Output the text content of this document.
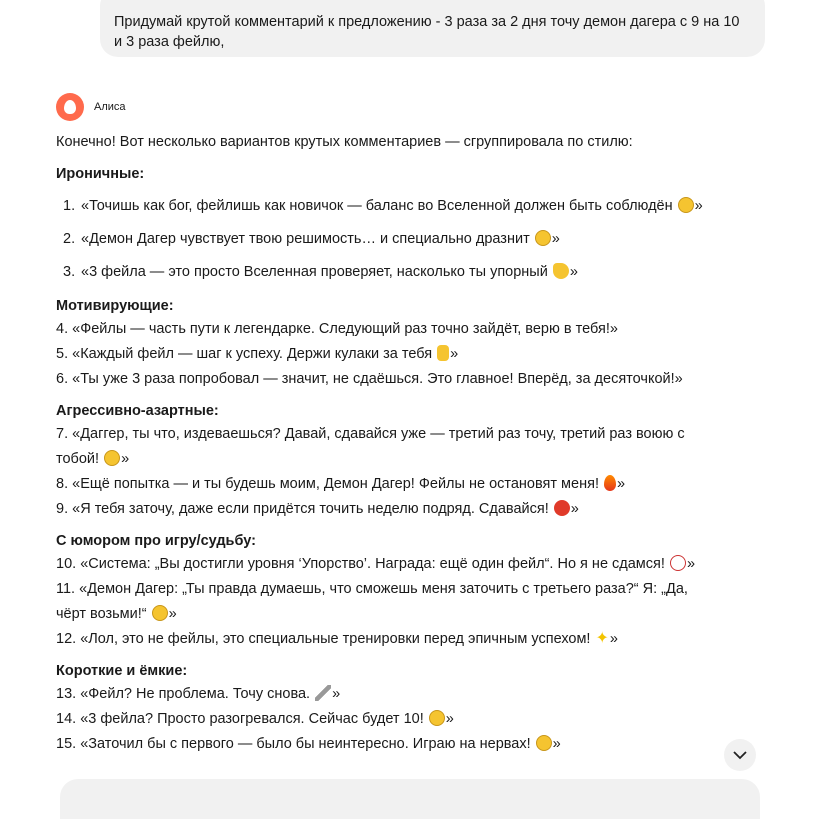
Придумай крутой комментарий к предложению - 3 раза за 2 дня точу демон дагера с 9 на 10 и 3 раза фейлю,
Алиса

Конечно! Вот несколько вариантов крутых комментариев — сгруппировала по стилю:

Ироничные:

1. «Точишь как бог, фейлишь как новичок — баланс во Вселенной должен быть соблюдён »
2. «Демон Дагер чувствует твою решимость… и специально дразнит »
3. «3 фейла — это просто Вселенная проверяет, насколько ты упорный »

Мотивирующие:

4. «Фейлы — часть пути к легендарке. Следующий раз точно зайдёт, верю в тебя!»

5. «Каждый фейл — шаг к успеху. Держи кулаки за тебя »

6. «Ты уже 3 раза попробовал — значит, не сдаёшься. Это главное! Вперёд, за десяточкой!»

Агрессивно-азартные:

7. «Даггер, ты что, издеваешься? Давай, сдавайся уже — третий раз точу, третий раз воюю с тобой! »

8. «Ещё попытка — и ты будешь моим, Демон Дагер! Фейлы не остановят меня! »

9. «Я тебя заточу, даже если придётся точить неделю подряд. Сдавайся! »

С юмором про игру/судьбу:

10. «Система: „Вы достигли уровня ‘Упорство’. Награда: ещё один фейл“. Но я не сдамся! »

11. «Демон Дагер: „Ты правда думаешь, что сможешь меня заточить с третьего раза?“ Я: „Да, чёрт возьми!“ »

12. «Лол, это не фейлы, это специальные тренировки перед эпичным успехом! ✦»

Короткие и ёмкие:

13. «Фейл? Не проблема. Точу снова. »

14. «3 фейла? Просто разогревался. Сейчас будет 10! »

15. «Заточил бы с первого — было бы неинтересно. Играю на нервах! »
